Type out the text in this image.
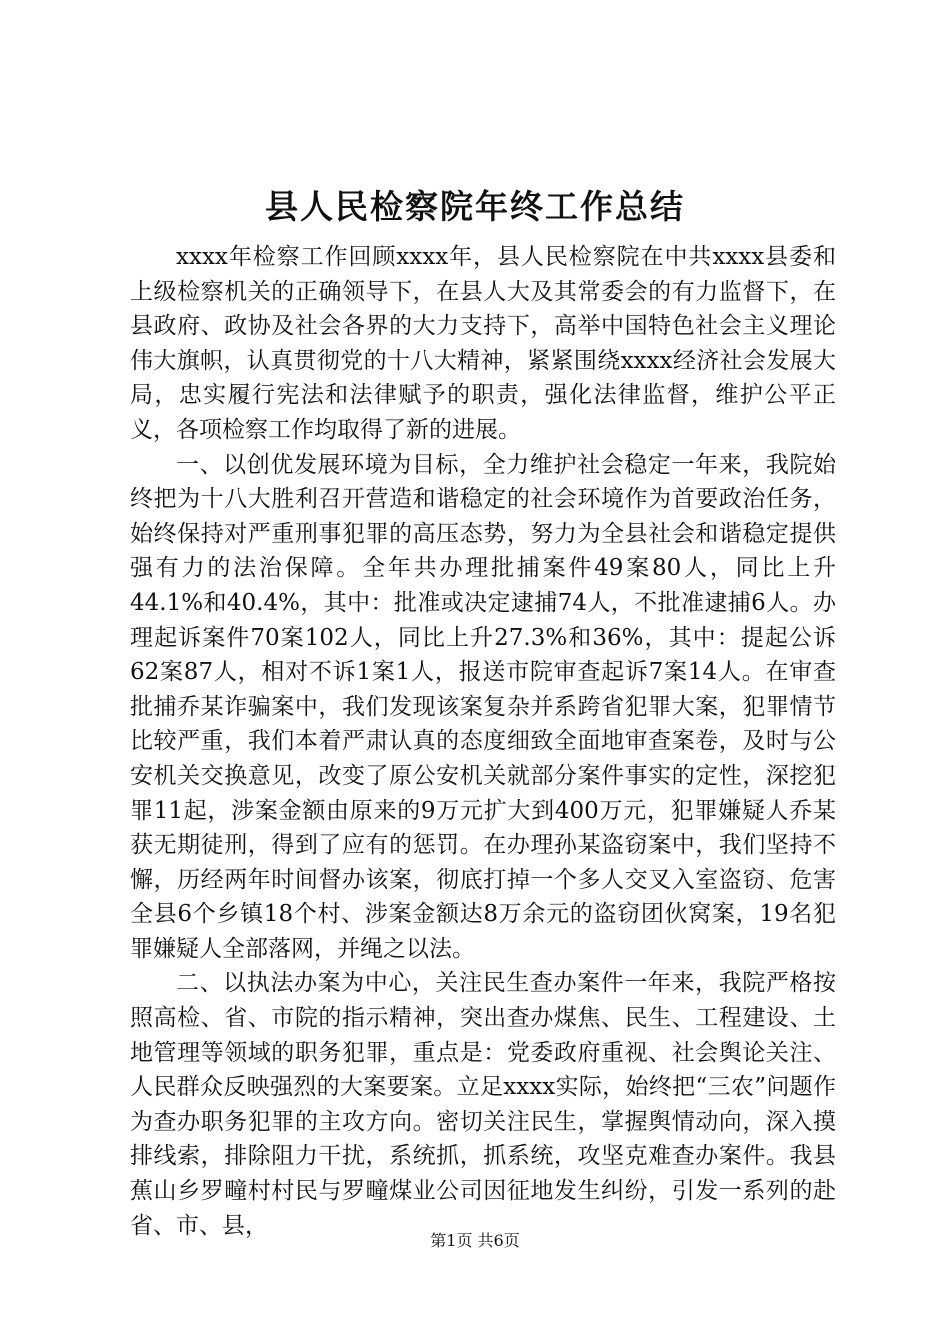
县人民检察院年终工作总结

xxxx年检察工作回顾xxxx年，县人民检察院在中共xxxx县委和上级检察机关的正确领导下，在县人大及其常委会的有力监督下，在县政府、政协及社会各界的大力支持下，高举中国特色社会主义理论伟大旗帜，认真贯彻党的十八大精神，紧紧围绕xxxx经济社会发展大局，忠实履行宪法和法律赋予的职责，强化法律监督，维护公平正义，各项检察工作均取得了新的进展。

一、以创优发展环境为目标，全力维护社会稳定一年来，我院始终把为十八大胜利召开营造和谐稳定的社会环境作为首要政治任务，始终保持对严重刑事犯罪的高压态势，努力为全县社会和谐稳定提供强有力的法治保障。全年共办理批捕案件49案80人，同比上升44.1%和40.4%，其中：批准或决定逮捕74人，不批准逮捕6人。办理起诉案件70案102人，同比上升27.3%和36%，其中：提起公诉62案87人，相对不诉1案1人，报送市院审查起诉7案14人。在审查批捕乔某诈骗案中，我们发现该案复杂并系跨省犯罪大案，犯罪情节比较严重，我们本着严肃认真的态度细致全面地审查案卷，及时与公安机关交换意见，改变了原公安机关就部分案件事实的定性，深挖犯罪11起，涉案金额由原来的9万元扩大到400万元，犯罪嫌疑人乔某获无期徒刑，得到了应有的惩罚。在办理孙某盗窃案中，我们坚持不懈，历经两年时间督办该案，彻底打掉一个多人交叉入室盗窃、危害全县6个乡镇18个村、涉案金额达8万余元的盗窃团伙窝案，19名犯罪嫌疑人全部落网，并绳之以法。

二、以执法办案为中心，关注民生查办案件一年来，我院严格按照高检、省、市院的指示精神，突出查办煤焦、民生、工程建设、土地管理等领域的职务犯罪，重点是：党委政府重视、社会舆论关注、人民群众反映强烈的大案要案。立足xxxx实际，始终把“三农”问题作为查办职务犯罪的主攻方向。密切关注民生，掌握舆情动向，深入摸排线索，排除阻力干扰，系统抓，抓系统，攻坚克难查办案件。我县蕉山乡罗疃村村民与罗疃煤业公司因征地发生纠纷，引发一系列的赴省、市、县，

第1页 共6页
